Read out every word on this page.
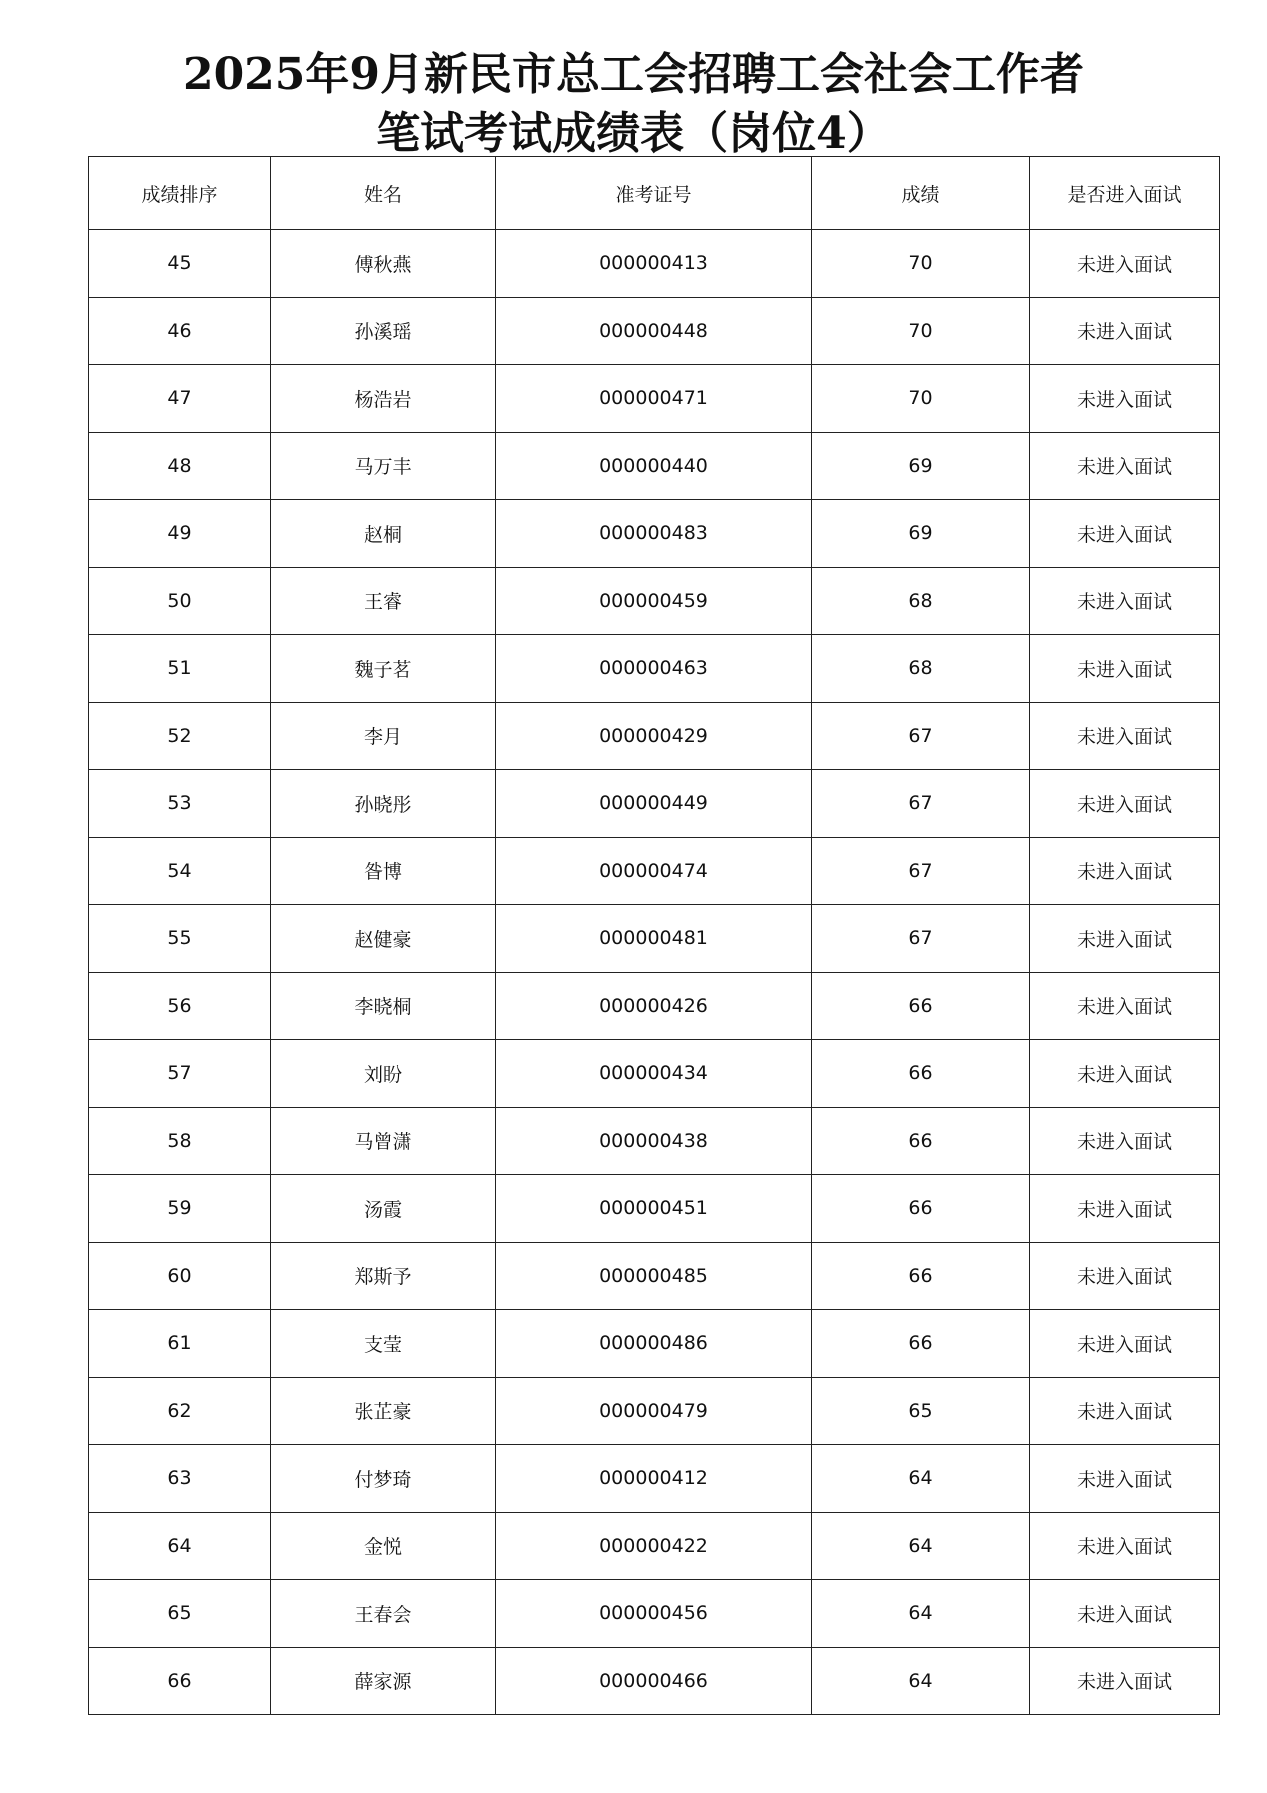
2025年9月新民市总工会招聘工会社会工作者
笔试考试成绩表（岗位4）
成绩排序	姓名	准考证号	成绩	是否进入面试
45	傅秋燕	000000413	70	未进入面试
46	孙溪瑶	000000448	70	未进入面试
47	杨浩岩	000000471	70	未进入面试
48	马万丰	000000440	69	未进入面试
49	赵桐	000000483	69	未进入面试
50	王睿	000000459	68	未进入面试
51	魏子茗	000000463	68	未进入面试
52	李月	000000429	67	未进入面试
53	孙晓彤	000000449	67	未进入面试
54	昝博	000000474	67	未进入面试
55	赵健豪	000000481	67	未进入面试
56	李晓桐	000000426	66	未进入面试
57	刘盼	000000434	66	未进入面试
58	马曾潇	000000438	66	未进入面试
59	汤霞	000000451	66	未进入面试
60	郑斯予	000000485	66	未进入面试
61	支莹	000000486	66	未进入面试
62	张芷豪	000000479	65	未进入面试
63	付梦琦	000000412	64	未进入面试
64	金悦	000000422	64	未进入面试
65	王春会	000000456	64	未进入面试
66	薛家源	000000466	64	未进入面试
